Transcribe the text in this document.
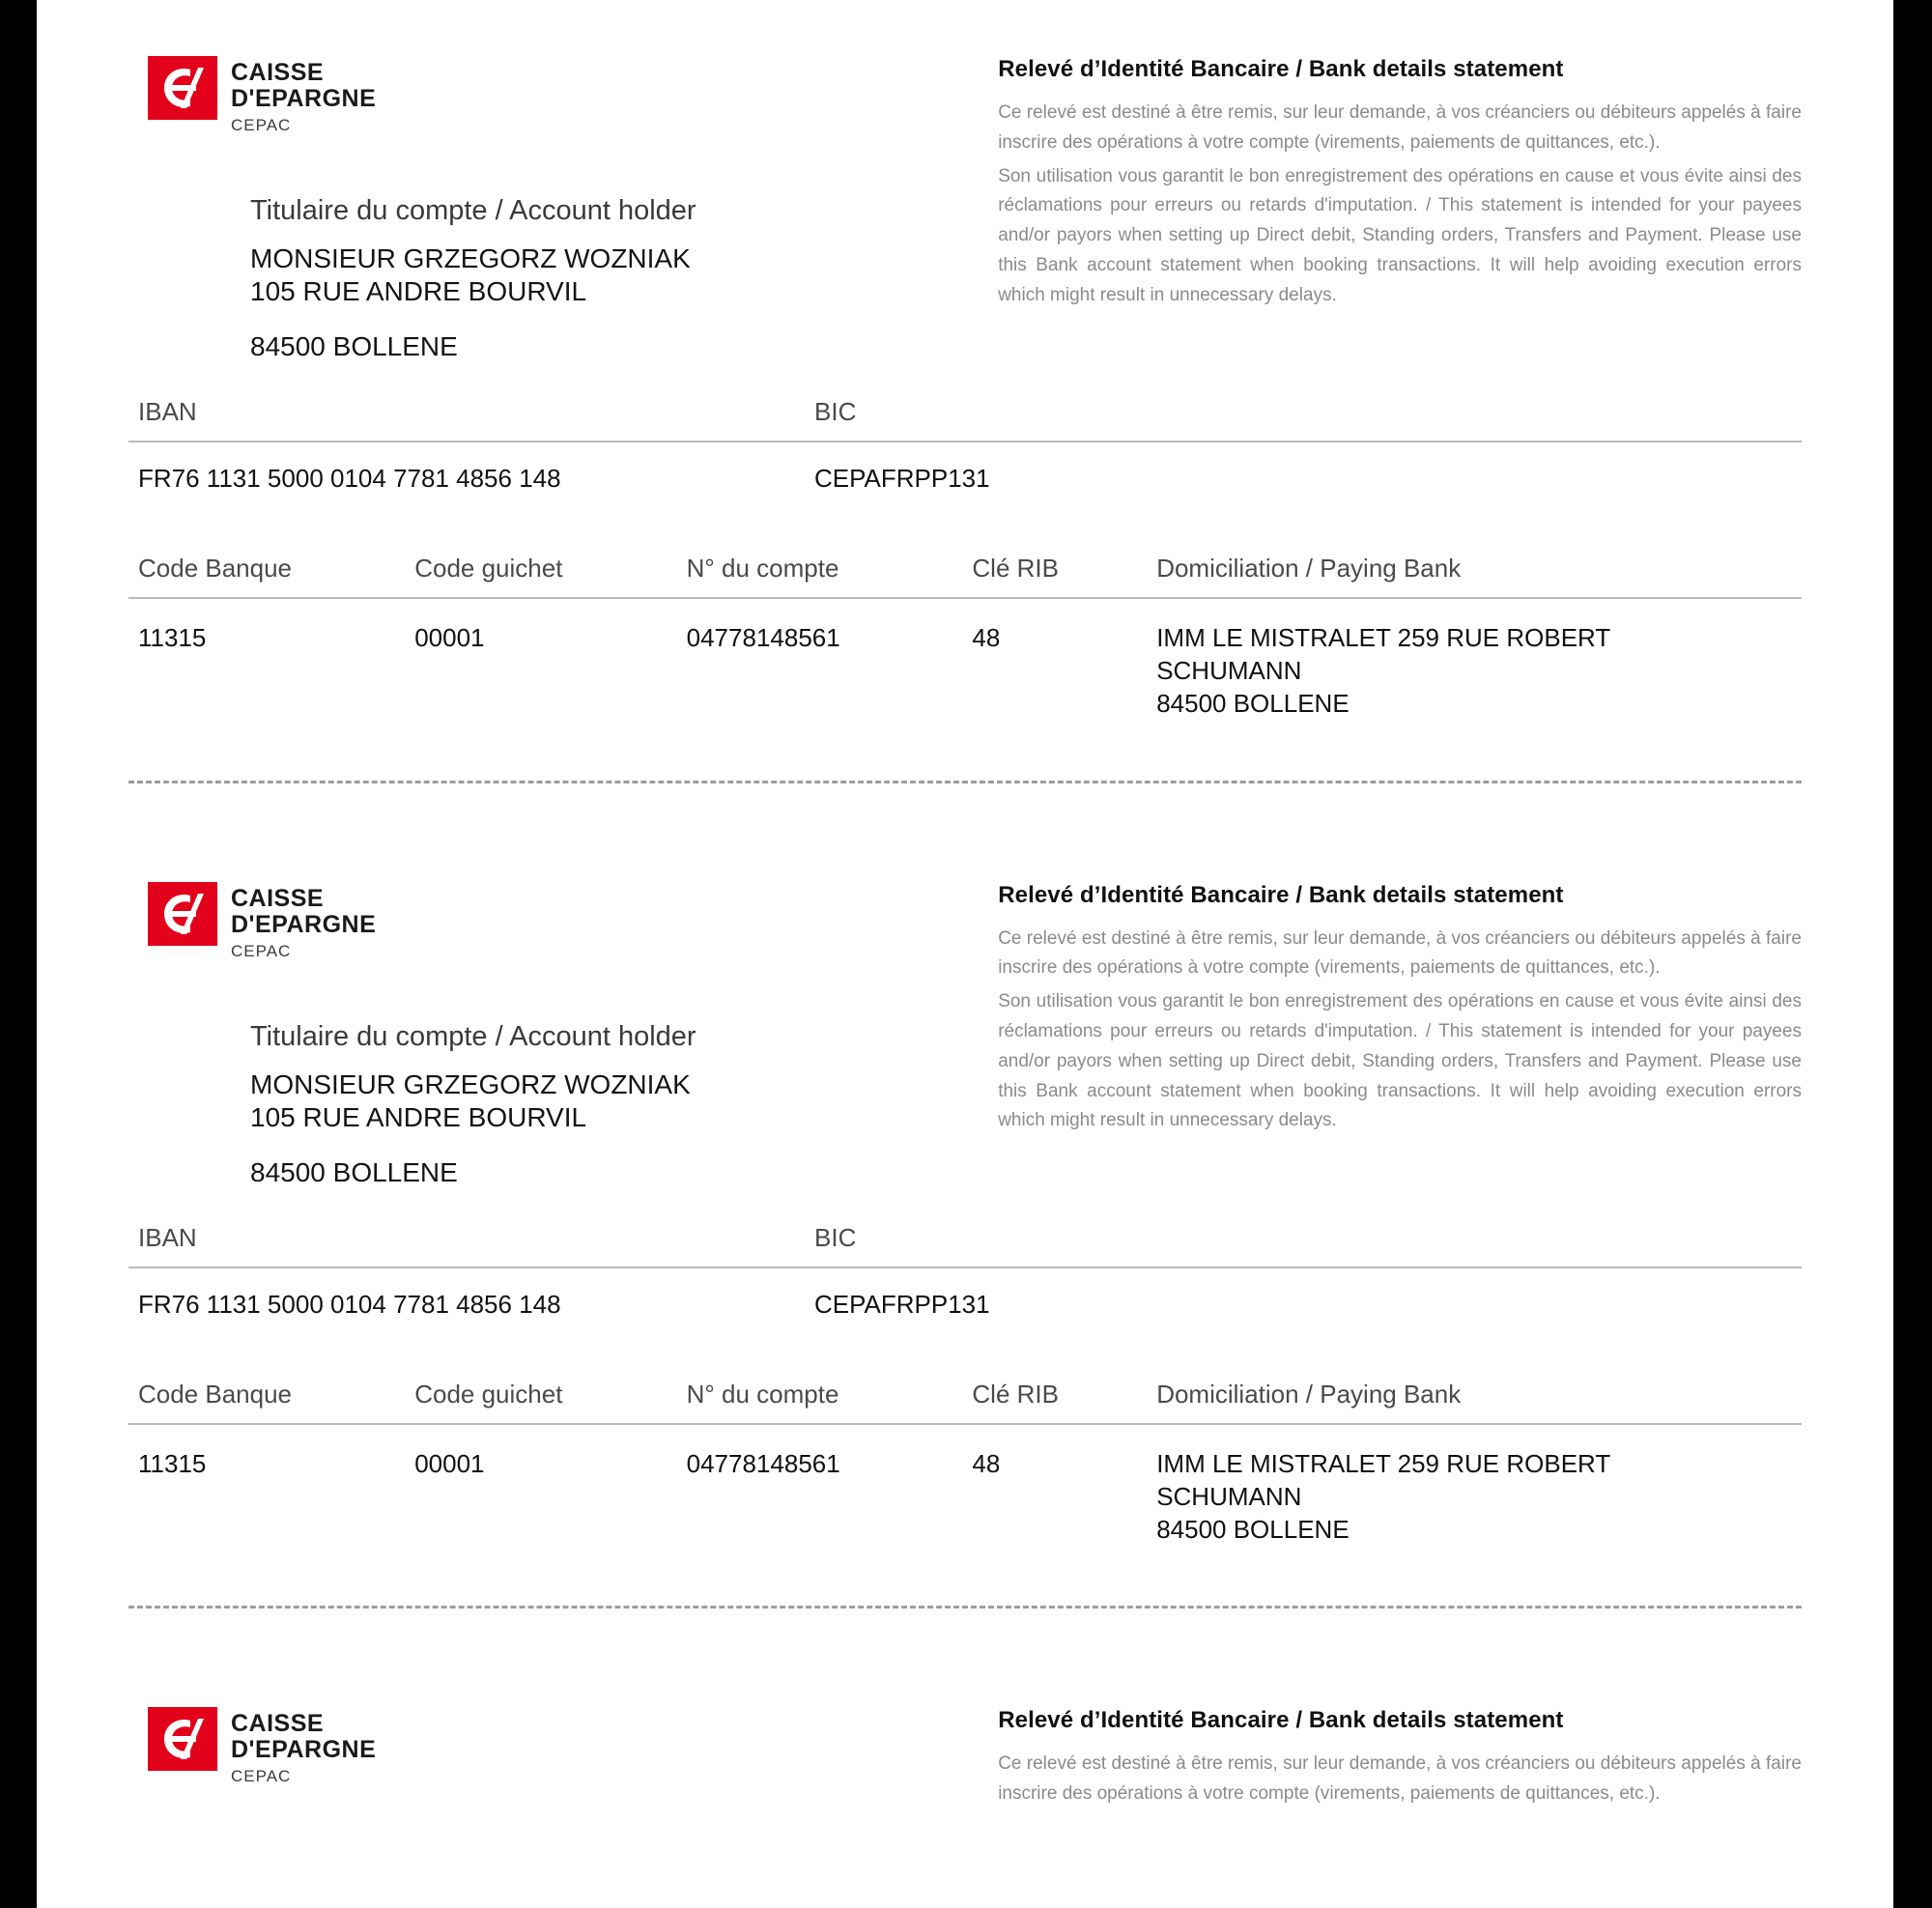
CAISSE
D'EPARGNE
CEPAC
Titulaire du compte / Account holder
MONSIEUR GRZEGORZ WOZNIAK
105 RUE ANDRE BOURVIL
84500 BOLLENE
Relevé d’Identité Bancaire / Bank details statement

Ce relevé est destiné à être remis, sur leur demande, à vos créanciers ou débiteurs appelés à faire inscrire des opérations à votre compte (virements, paiements de quittances, etc.).

Son utilisation vous garantit le bon enregistrement des opérations en cause et vous évite ainsi des réclamations pour erreurs ou retards d'imputation. / This statement is intended for your payees and/or payors when setting up Direct debit, Standing orders, Transfers and Payment. Please use this Bank account statement when booking transactions. It will help avoiding execution errors which might result in unnecessary delays.

IBAN	BIC
FR76 1131 5000 0104 7781 4856 148	CEPAFRPP131
Code Banque	Code guichet	N° du compte	Clé RIB	Domiciliation / Paying Bank
11315	00001	04778148561	48	IMM LE MISTRALET 259 RUE ROBERT
SCHUMANN
84500 BOLLENE
CAISSE
D'EPARGNE
CEPAC
Titulaire du compte / Account holder
MONSIEUR GRZEGORZ WOZNIAK
105 RUE ANDRE BOURVIL
84500 BOLLENE
Relevé d’Identité Bancaire / Bank details statement

Ce relevé est destiné à être remis, sur leur demande, à vos créanciers ou débiteurs appelés à faire inscrire des opérations à votre compte (virements, paiements de quittances, etc.).

Son utilisation vous garantit le bon enregistrement des opérations en cause et vous évite ainsi des réclamations pour erreurs ou retards d'imputation. / This statement is intended for your payees and/or payors when setting up Direct debit, Standing orders, Transfers and Payment. Please use this Bank account statement when booking transactions. It will help avoiding execution errors which might result in unnecessary delays.

IBAN	BIC
FR76 1131 5000 0104 7781 4856 148	CEPAFRPP131
Code Banque	Code guichet	N° du compte	Clé RIB	Domiciliation / Paying Bank
11315	00001	04778148561	48	IMM LE MISTRALET 259 RUE ROBERT
SCHUMANN
84500 BOLLENE
CAISSE
D'EPARGNE
CEPAC
Relevé d’Identité Bancaire / Bank details statement

Ce relevé est destiné à être remis, sur leur demande, à vos créanciers ou débiteurs appelés à faire inscrire des opérations à votre compte (virements, paiements de quittances, etc.).
